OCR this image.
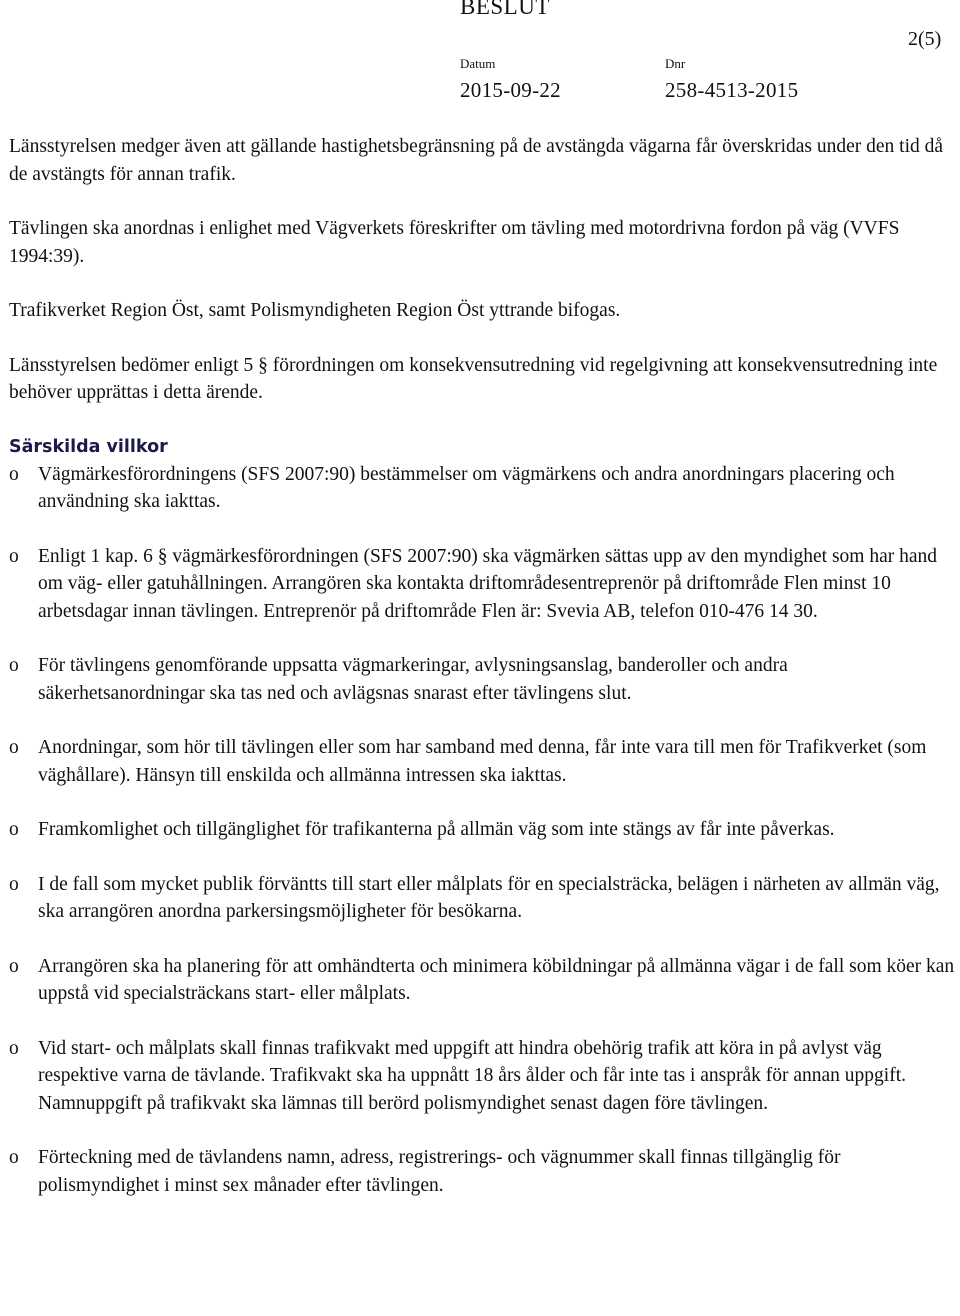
BESLUT
2(5)
Datum	Dnr
2015-09-22	258-4513-2015

Länsstyrelsen medger även att gällande hastighetsbegränsning på de avstängda vägarna får överskridas under den tid då de avstängts för annan trafik.

Tävlingen ska anordnas i enlighet med Vägverkets föreskrifter om tävling med motordrivna fordon på väg (VVFS 1994:39).

Trafikverket Region Öst, samt Polismyndigheten Region Öst yttrande bifogas.

Länsstyrelsen bedömer enligt 5 § förordningen om konsekvensutredning vid regelgivning att konsekvensutredning inte behöver upprättas i detta ärende.

Särskilda villkor
o Vägmärkesförordningens (SFS 2007:90) bestämmelser om vägmärkens och andra anordningars placering och användning ska iakttas.
o Enligt 1 kap. 6 § vägmärkesförordningen (SFS 2007:90) ska vägmärken sättas upp av den myndighet som har hand om väg- eller gatuhållningen. Arrangören ska kontakta driftområdesentreprenör på driftområde Flen minst 10 arbetsdagar innan tävlingen. Entreprenör på driftområde Flen är: Svevia AB, telefon 010-476 14 30.
o För tävlingens genomförande uppsatta vägmarkeringar, avlysningsanslag, banderoller och andra säkerhetsanordningar ska tas ned och avlägsnas snarast efter tävlingens slut.
o Anordningar, som hör till tävlingen eller som har samband med denna, får inte vara till men för Trafikverket (som väghållare). Hänsyn till enskilda och allmänna intressen ska iakttas.
o Framkomlighet och tillgänglighet för trafikanterna på allmän väg som inte stängs av får inte påverkas.
o I de fall som mycket publik förväntts till start eller målplats för en specialsträcka, belägen i närheten av allmän väg, ska arrangören anordna parkersingsmöjligheter för besökarna.
o Arrangören ska ha planering för att omhändterta och minimera köbildningar på allmänna vägar i de fall som köer kan uppstå vid specialsträckans start- eller målplats.
o Vid start- och målplats skall finnas trafikvakt med uppgift att hindra obehörig trafik att köra in på avlyst väg respektive varna de tävlande. Trafikvakt ska ha uppnått 18 års ålder och får inte tas i anspråk för annan uppgift. Namnuppgift på trafikvakt ska lämnas till berörd polismyndighet senast dagen före tävlingen.
o Förteckning med de tävlandens namn, adress, registrerings- och vägnummer skall finnas tillgänglig för polismyndighet i minst sex månader efter tävlingen.
